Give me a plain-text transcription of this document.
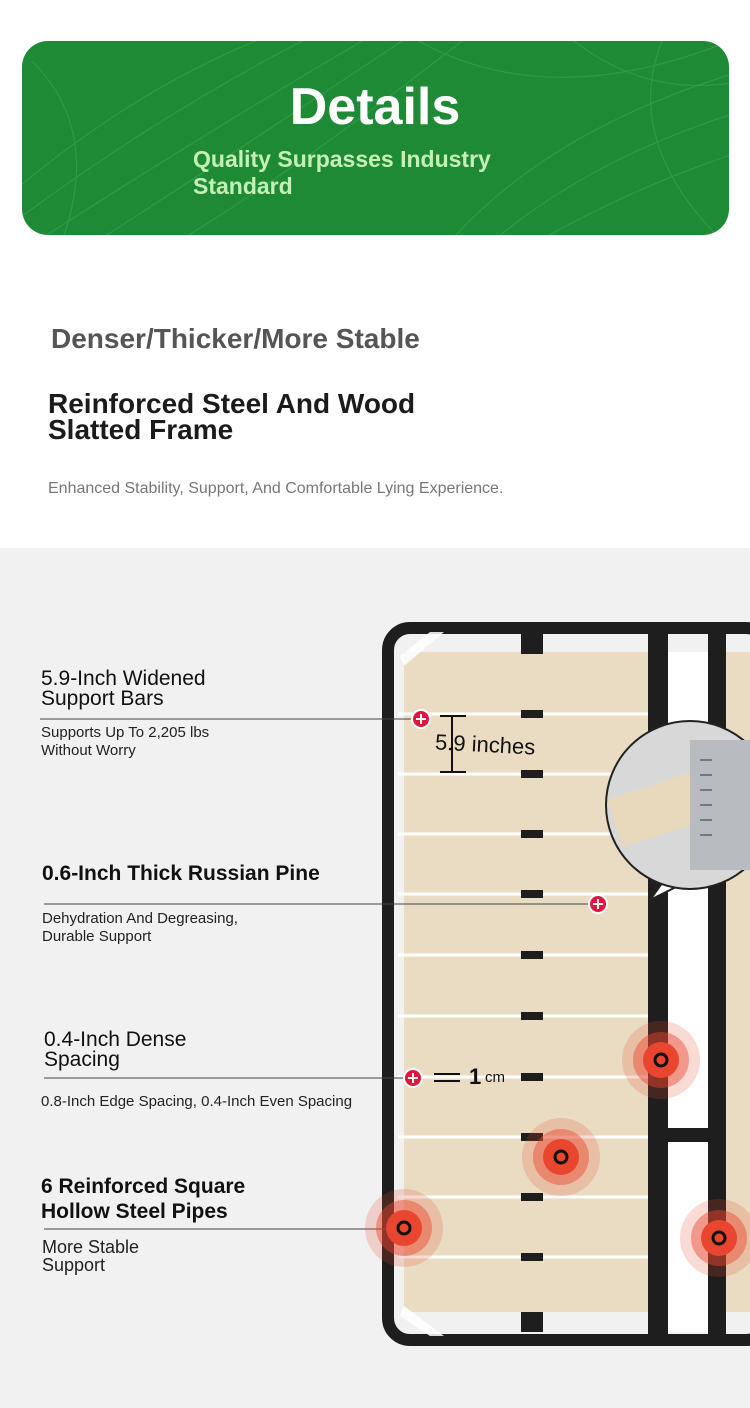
Details
Quality Surpasses Industry Standard
Denser/Thicker/More Stable
Reinforced Steel And Wood Slatted Frame
Enhanced Stability, Support, And Comfortable Lying Experience.
5.9 inches
1 cm
5.9-Inch Widened Support Bars
Supports Up To 2,205 lbs Without Worry
0.6-Inch Thick Russian Pine
Dehydration And Degreasing, Durable Support
0.4-Inch Dense Spacing
0.8-Inch Edge Spacing, 0.4-Inch Even Spacing
6 Reinforced Square Hollow Steel Pipes
More Stable Support
